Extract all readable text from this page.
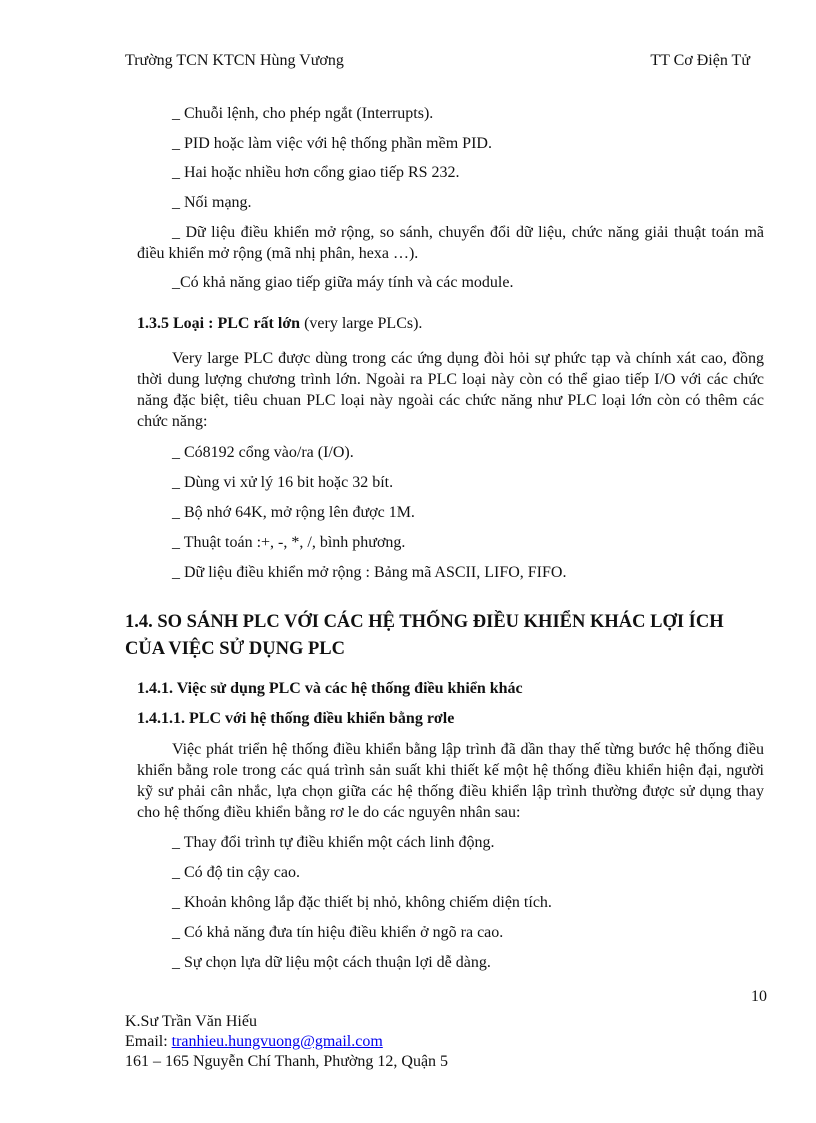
Trường TCN KTCN Hùng Vương	TT Cơ Điện Tử

_ Chuỗi lệnh, cho phép ngắt (Interrupts).

_ PID hoặc làm việc với hệ thống phần mềm PID.

_ Hai hoặc nhiều hơn cổng giao tiếp RS 232.

_ Nối mạng.

_ Dữ liệu điều khiển mở rộng, so sánh, chuyển đổi dữ liệu, chức năng giải thuật toán mã điều khiển mở rộng (mã nhị phân, hexa …).

_Có khả năng giao tiếp giữa máy tính và các module.

1.3.5 Loại : PLC rất lớn (very large PLCs).

Very large PLC được dùng trong các ứng dụng đòi hỏi sự phức tạp và chính xát cao, đồng thời dung lượng chương trình lớn. Ngoài ra PLC loại này còn có thể giao tiếp I/O với các chức năng đặc biệt, tiêu chuan PLC loại này ngoài các chức năng như PLC loại lớn còn có thêm các chức năng:

_ Có8192 cổng vào/ra (I/O).

_ Dùng vi xử lý 16 bit hoặc 32 bít.

_ Bộ nhớ 64K, mở rộng lên được 1M.

_ Thuật toán :+, -, *, /, bình phương.

_ Dữ liệu điều khiển mở rộng : Bảng mã ASCII, LIFO, FIFO.

1.4. SO SÁNH PLC VỚI CÁC HỆ THỐNG ĐIỀU KHIỂN KHÁC LỢI ÍCH
CỦA VIỆC SỬ DỤNG PLC
1.4.1. Việc sử dụng PLC và các hệ thống điều khiển khác
1.4.1.1. PLC với hệ thống điều khiển bằng rơle

Việc phát triển hệ thống điều khiển bằng lập trình đã dần thay thế từng bước hệ thống điều khiển bằng role trong các quá trình sản suất khi thiết kế một hệ thống điều khiển hiện đại, người kỹ sư phải cân nhắc, lựa chọn giữa các hệ thống điều khiển lập trình thường được sử dụng thay cho hệ thống điều khiển bằng rơ le do các nguyên nhân sau:

_ Thay đổi trình tự điều khiển một cách linh động.

_ Có độ tin cậy cao.

_ Khoản không lắp đặc thiết bị nhỏ, không chiếm diện tích.

_ Có khả năng đưa tín hiệu điều khiển ở ngõ ra cao.

_ Sự chọn lựa dữ liệu một cách thuận lợi dễ dàng.

10
K.Sư Trần Văn Hiếu
Email: tranhieu.hungvuong@gmail.com
161 – 165 Nguyễn Chí Thanh, Phường 12, Quận 5
